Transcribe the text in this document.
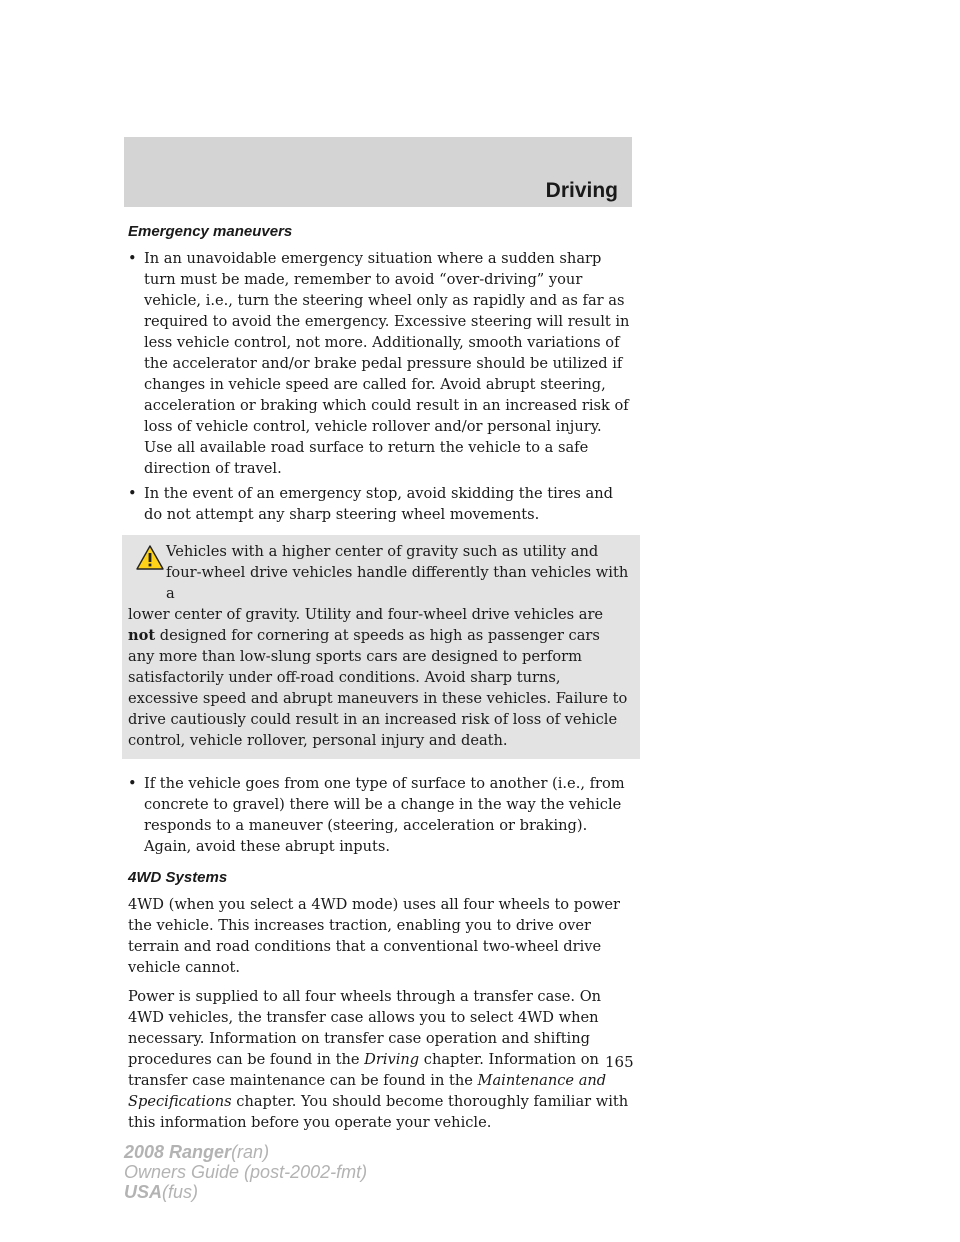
Driving
Emergency maneuvers
• In an unavoidable emergency situation where a sudden sharp turn must be made, remember to avoid “over-driving” your vehicle, i.e., turn the steering wheel only as rapidly and as far as required to avoid the emergency. Excessive steering will result in less vehicle control, not more. Additionally, smooth variations of the accelerator and/or brake pedal pressure should be utilized if changes in vehicle speed are called for. Avoid abrupt steering, acceleration or braking which could result in an increased risk of loss of vehicle control, vehicle rollover and/or personal injury. Use all available road surface to return the vehicle to a safe direction of travel.
• In the event of an emergency stop, avoid skidding the tires and do not attempt any sharp steering wheel movements.
Vehicles with a higher center of gravity such as utility and
four-wheel drive vehicles handle differently than vehicles with a
lower center of gravity. Utility and four-wheel drive vehicles are not designed for cornering at speeds as high as passenger cars any more than low-slung sports cars are designed to perform satisfactorily under off-road conditions. Avoid sharp turns, excessive speed and abrupt maneuvers in these vehicles. Failure to drive cautiously could result in an increased risk of loss of vehicle control, vehicle rollover, personal injury and death.
• If the vehicle goes from one type of surface to another (i.e., from concrete to gravel) there will be a change in the way the vehicle responds to a maneuver (steering, acceleration or braking). Again, avoid these abrupt inputs.
4WD Systems

4WD (when you select a 4WD mode) uses all four wheels to power the vehicle. This increases traction, enabling you to drive over terrain and road conditions that a conventional two-wheel drive vehicle cannot.

Power is supplied to all four wheels through a transfer case. On 4WD vehicles, the transfer case allows you to select 4WD when necessary. Information on transfer case operation and shifting procedures can be found in the Driving chapter. Information on transfer case maintenance can be found in the Maintenance and Specifications chapter. You should become thoroughly familiar with this information before you operate your vehicle.

165
2008 Ranger(ran)
Owners Guide (post-2002-fmt)
USA(fus)
